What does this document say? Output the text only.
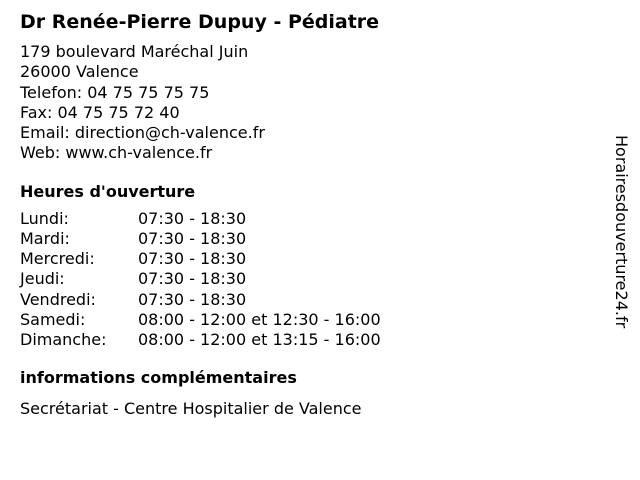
Dr Renée-Pierre Dupuy - Pédiatre
179 boulevard Maréchal Juin
26000 Valence
Telefon: 04 75 75 75 75
Fax: 04 75 75 72 40
Email: direction@ch-valence.fr
Web: www.ch-valence.fr
Heures d'ouverture
Lundi:	07:30 - 18:30
Mardi:	07:30 - 18:30
Mercredi:	07:30 - 18:30
Jeudi:	07:30 - 18:30
Vendredi:	07:30 - 18:30
Samedi:	08:00 - 12:00 et 12:30 - 16:00
Dimanche:	08:00 - 12:00 et 13:15 - 16:00
informations complémentaires
Secrétariat - Centre Hospitalier de Valence
Horairesdouverture24.fr
